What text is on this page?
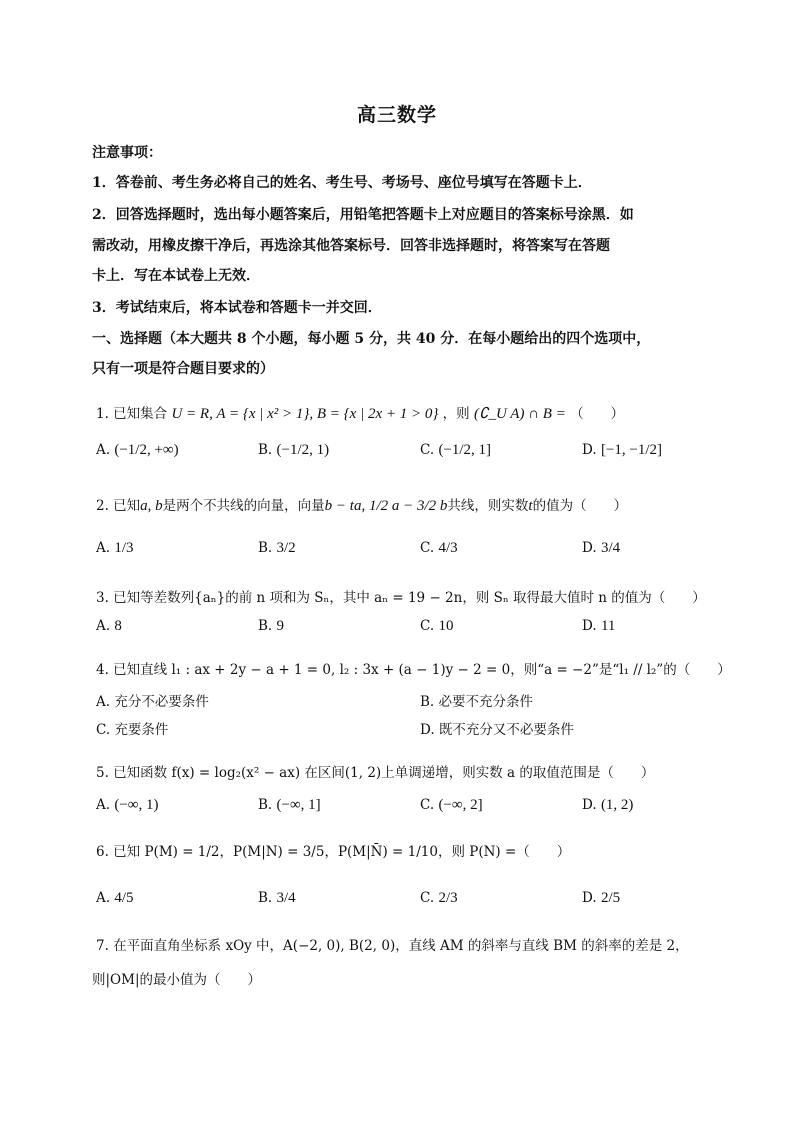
高三数学
注意事项：
1．答卷前、考生务必将自己的姓名、考生号、考场号、座位号填写在答题卡上．
2．回答选择题时，选出每小题答案后，用铅笔把答题卡上对应题目的答案标号涂黑．如
需改动，用橡皮擦干净后，再选涂其他答案标号．回答非选择题时，将答案写在答题
卡上．写在本试卷上无效．
3．考试结束后，将本试卷和答题卡一并交回．
一、选择题（本大题共 8 个小题，每小题 5 分，共 40 分．在每小题给出的四个选项中，
只有一项是符合题目要求的）
1. 已知集合 U = R, A = {x | x² > 1}, B = {x | 2x + 1 > 0} ，则 (∁_U A) ∩ B = （　　）
A. (−1/2, +∞)	B. (−1/2, 1)	C. (−1/2, 1]	D. [−1, −1/2]
2. 已知a, b是两个不共线的向量，向量b − ta, 1/2 a − 3/2 b共线，则实数t的值为（　　）
A. 1/3	B. 3/2	C. 4/3	D. 3/4
3. 已知等差数列{aₙ}的前 n 项和为 Sₙ，其中 aₙ = 19 − 2n，则 Sₙ 取得最大值时 n 的值为（　　）
A. 8	B. 9	C. 10	D. 11
4. 已知直线 l₁ : ax + 2y − a + 1 = 0, l₂ : 3x + (a − 1)y − 2 = 0，则“a = −2”是“l₁ // l₂”的（　　）
A. 充分不必要条件	B. 必要不充分条件
C. 充要条件	D. 既不充分又不必要条件
5. 已知函数 f(x) = log₂(x² − ax) 在区间(1, 2)上单调递增，则实数 a 的取值范围是（　　）
A. (−∞, 1)	B. (−∞, 1]	C. (−∞, 2]	D. (1, 2)
6. 已知 P(M) = 1/2，P(M|N) = 3/5，P(M|N̄) = 1/10，则 P(N) =（　　）
A. 4/5	B. 3/4	C. 2/3	D. 2/5
7. 在平面直角坐标系 xOy 中，A(−2, 0), B(2, 0)，直线 AM 的斜率与直线 BM 的斜率的差是 2，
则|OM|的最小值为（　　）
